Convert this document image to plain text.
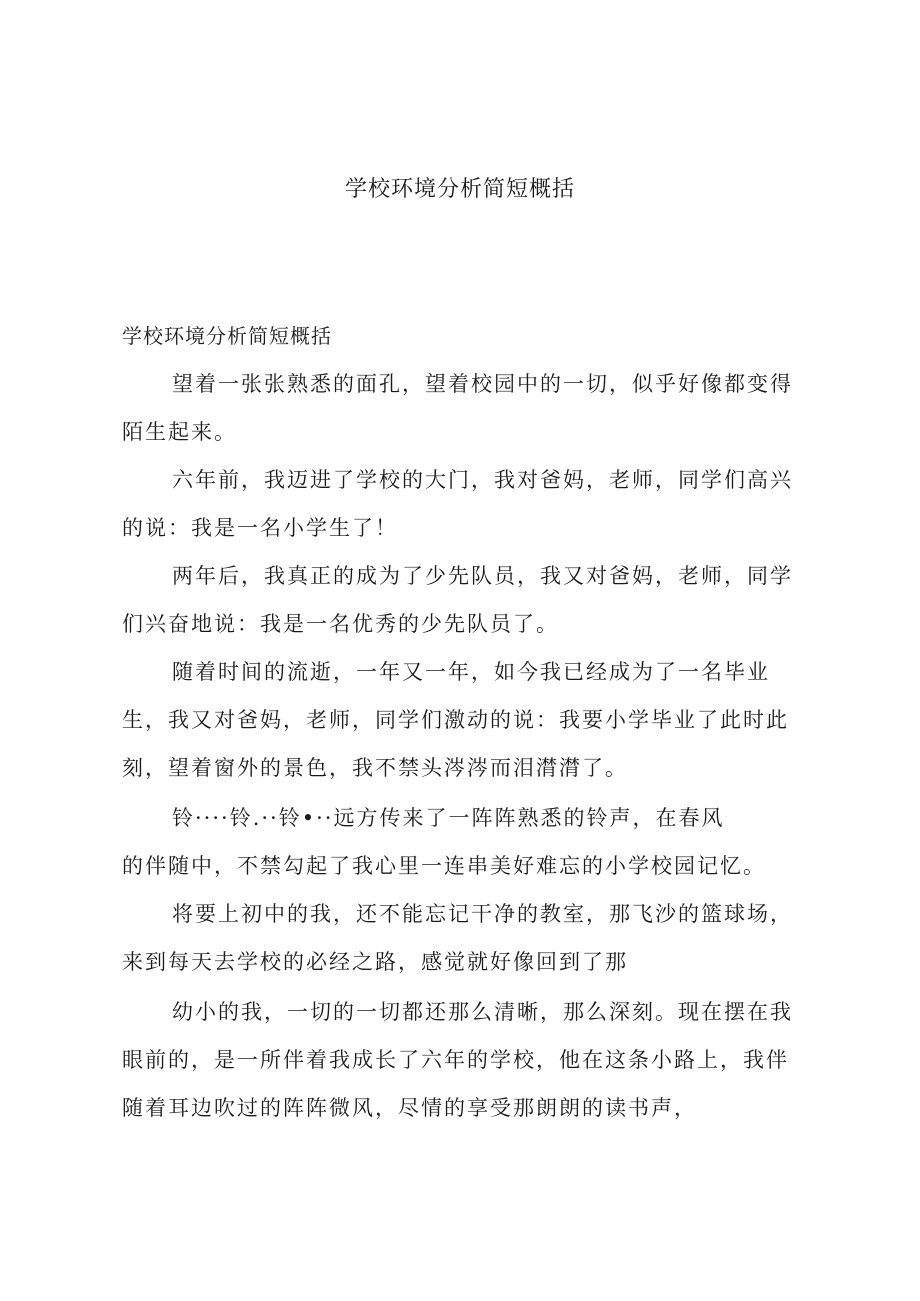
学校环境分析简短概括
学校环境分析简短概括
望着一张张熟悉的面孔，望着校园中的一切，似乎好像都变得
陌生起来。
六年前，我迈进了学校的大门，我对爸妈，老师，同学们高兴
的说：我是一名小学生了！
两年后，我真正的成为了少先队员，我又对爸妈，老师，同学
们兴奋地说：我是一名优秀的少先队员了。
随着时间的流逝，一年又一年，如今我已经成为了一名毕业
生，我又对爸妈，老师，同学们激动的说：我要小学毕业了此时此
刻，望着窗外的景色，我不禁头涔涔而泪潸潸了。
铃····铃.··铃•··远方传来了一阵阵熟悉的铃声，在春风
的伴随中，不禁勾起了我心里一连串美好难忘的小学校园记忆。
将要上初中的我，还不能忘记干净的教室，那飞沙的篮球场，
来到每天去学校的必经之路，感觉就好像回到了那
幼小的我，一切的一切都还那么清晰，那么深刻。现在摆在我
眼前的，是一所伴着我成长了六年的学校，他在这条小路上，我伴
随着耳边吹过的阵阵微风，尽情的享受那朗朗的读书声，
